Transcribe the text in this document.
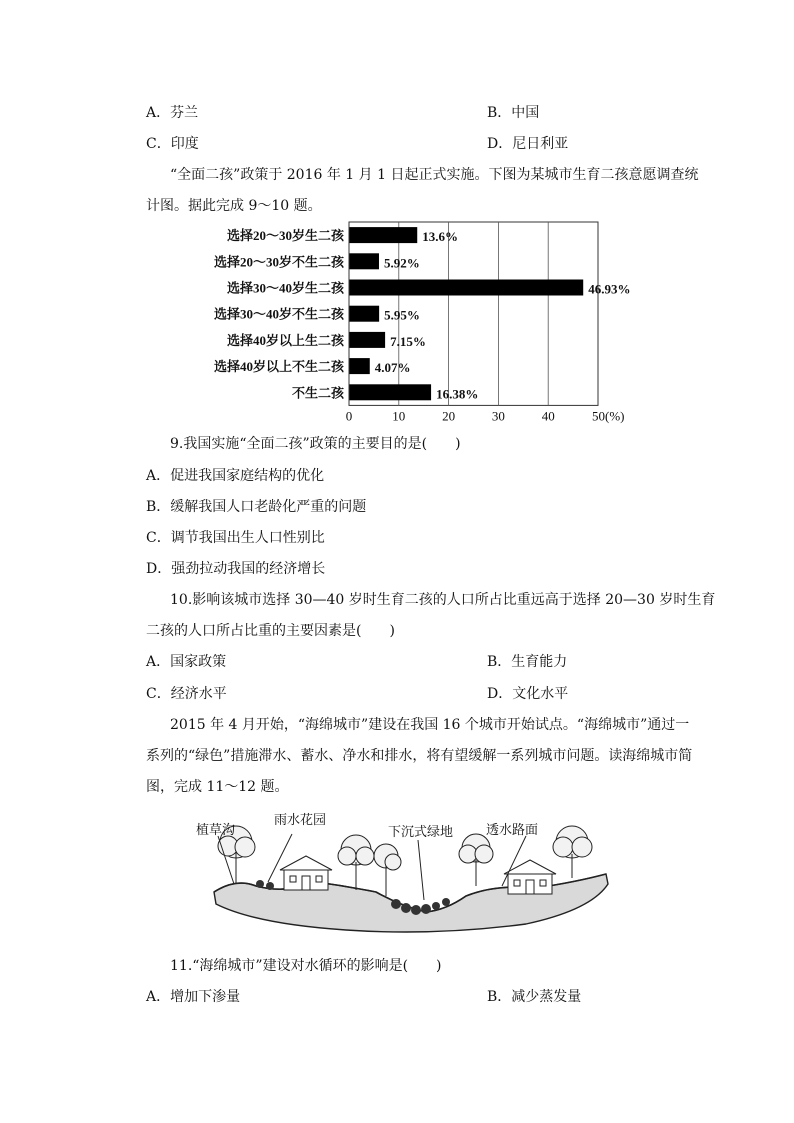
A．芬兰	B．中国
C．印度	D．尼日利亚
“全面二孩”政策于 2016 年 1 月 1 日起正式实施。下图为某城市生育二孩意愿调查统
计图。据此完成 9～10 题。
选择20～30岁生二孩
选择20～30岁不生二孩
选择30～40岁生二孩
选择30～40岁不生二孩
选择40岁以上生二孩
选择40岁以上不生二孩
不生二孩
13.6%
5.92%
46.93%
5.95%
7.15%
4.07%
16.38%
0	10	20	30	40	50(%)
9.我国实施“全面二孩”政策的主要目的是(　　)
A．促进我国家庭结构的优化
B．缓解我国人口老龄化严重的问题
C．调节我国出生人口性别比
D．强劲拉动我国的经济增长
10.影响该城市选择 30—40 岁时生育二孩的人口所占比重远高于选择 20—30 岁时生育
二孩的人口所占比重的主要因素是(　　)
A．国家政策	B．生育能力
C．经济水平	D．文化水平
2015 年 4 月开始，“海绵城市”建设在我国 16 个城市开始试点。“海绵城市”通过一
系列的“绿色”措施滞水、蓄水、净水和排水，将有望缓解一系列城市问题。读海绵城市简
图，完成 11～12 题。
植草沟
雨水花园
下沉式绿地	透水路面
11.“海绵城市”建设对水循环的影响是(　　)
A．增加下渗量	B．减少蒸发量
